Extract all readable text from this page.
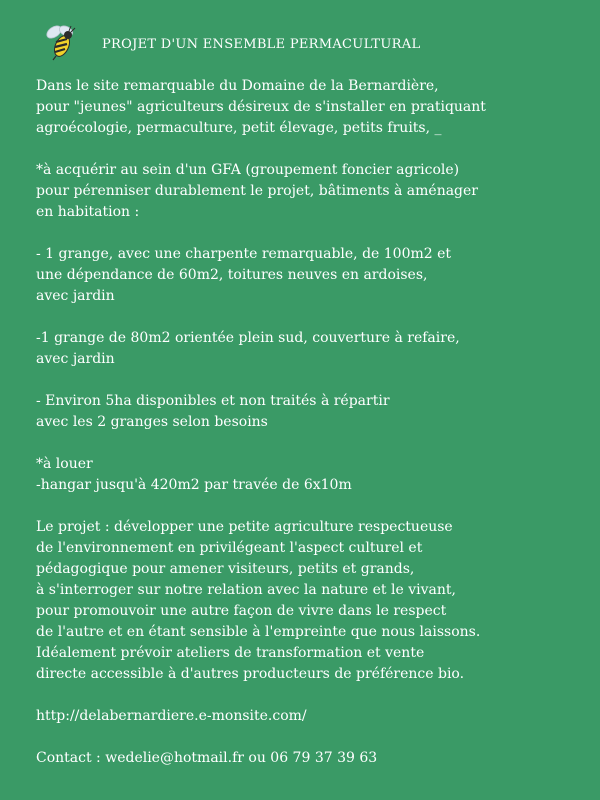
PROJET D'UN ENSEMBLE PERMACULTURAL
Dans le site remarquable du Domaine de la Bernardière,
pour "jeunes" agriculteurs désireux de s'installer en pratiquant
agroécologie, permaculture, petit élevage, petits fruits, _
*à acquérir au sein d'un GFA (groupement foncier agricole)
pour pérenniser durablement le projet, bâtiments à aménager
en habitation :
- 1 grange, avec une charpente remarquable, de 100m2 et
une dépendance de 60m2, toitures neuves en ardoises,
avec jardin
-1 grange de 80m2 orientée plein sud, couverture à refaire,
avec jardin
- Environ 5ha disponibles et non traités à répartir
avec les 2 granges selon besoins
*à louer
-hangar jusqu'à 420m2 par travée de 6x10m
Le projet : développer une petite agriculture respectueuse
de l'environnement en privilégeant l'aspect culturel et
pédagogique pour amener visiteurs, petits et grands,
à s'interroger sur notre relation avec la nature et le vivant,
pour promouvoir une autre façon de vivre dans le respect
de l'autre et en étant sensible à l'empreinte que nous laissons.
Idéalement prévoir ateliers de transformation et vente
directe accessible à d'autres producteurs de préférence bio.
http://delabernardiere.e-monsite.com/
Contact : wedelie@hotmail.fr ou 06 79 37 39 63
